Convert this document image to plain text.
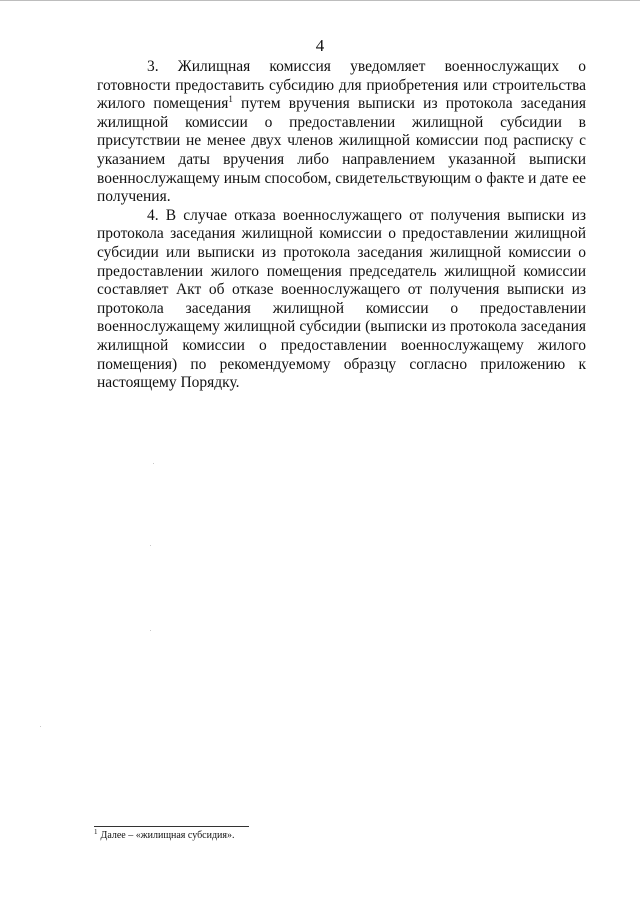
4

3. Жилищная комиссия уведомляет военнослужащих о готовности предоставить субсидию для приобретения или строительства жилого помещения$^1$ путем вручения выписки из протокола заседания жилищной комиссии о предоставлении жилищной субсидии в присутствии не менее двух членов жилищной комиссии под расписку с указанием даты вручения либо направлением указанной выписки военнослужащему иным способом, свидетельствующим о факте и дате ее получения.

4. В случае отказа военнослужащего от получения выписки из протокола заседания жилищной комиссии о предоставлении жилищной субсидии или выписки из протокола заседания жилищной комиссии о предоставлении жилого помещения председатель жилищной комиссии составляет Акт об отказе военнослужащего от получения выписки из протокола заседания жилищной комиссии о предоставлении военнослужащему жилищной субсидии (выписки из протокола заседания жилищной комиссии о предоставлении военнослужащему жилого помещения) по рекомендуемому образцу согласно приложению к настоящему Порядку.

$^1$ Далее – «жилищная субсидия».
